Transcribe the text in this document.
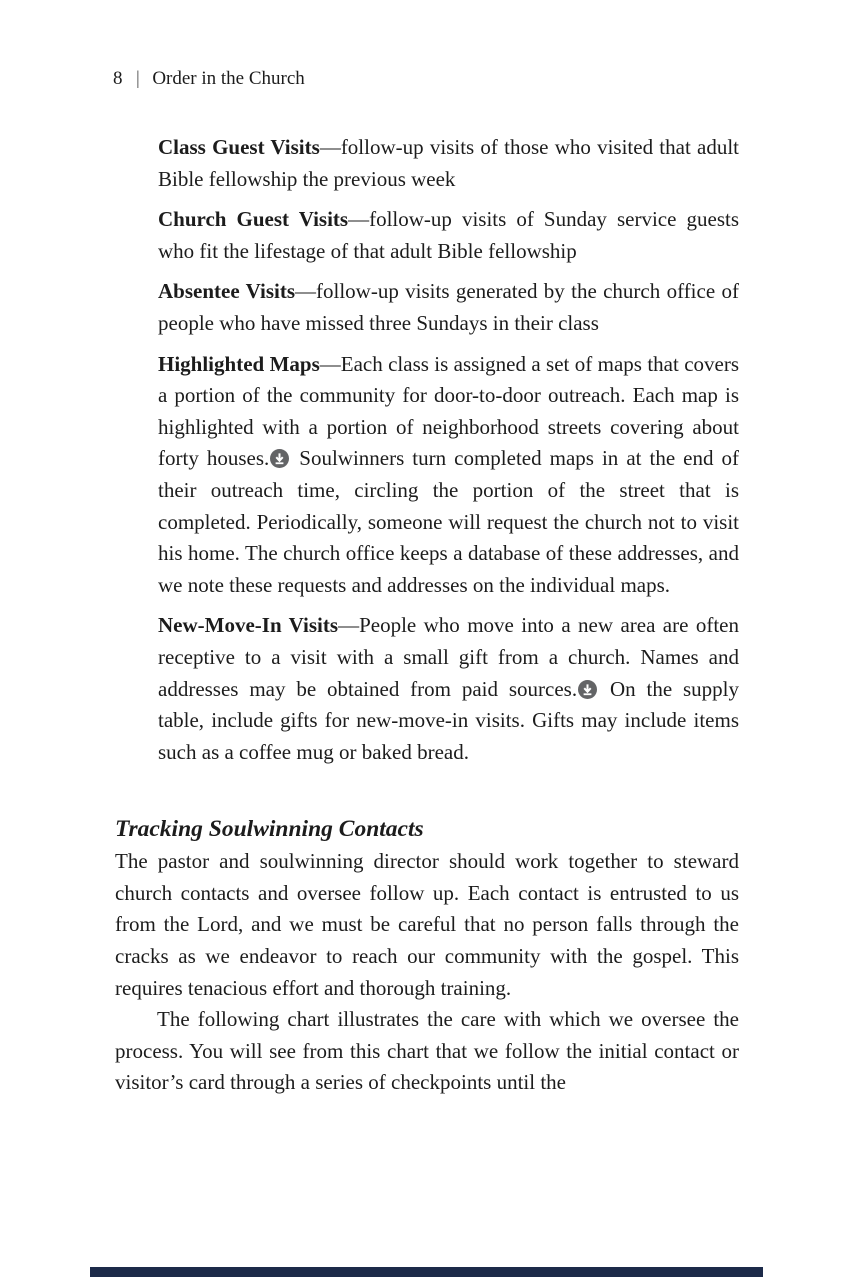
8 | Order in the Church

Class Guest Visits—follow-up visits of those who visited that adult Bible fellowship the previous week

Church Guest Visits—follow-up visits of Sunday service guests who fit the lifestage of that adult Bible fellowship

Absentee Visits—follow-up visits generated by the church office of people who have missed three Sundays in their class

Highlighted Maps—Each class is assigned a set of maps that covers a portion of the community for door-to-door outreach. Each map is highlighted with a portion of neighborhood streets covering about forty houses. Soulwinners turn completed maps in at the end of their outreach time, circling the portion of the street that is completed. Periodically, someone will request the church not to visit his home. The church office keeps a database of these addresses, and we note these requests and addresses on the individual maps.

New-Move-In Visits—People who move into a new area are often receptive to a visit with a small gift from a church. Names and addresses may be obtained from paid sources. On the supply table, include gifts for new-move-in visits. Gifts may include items such as a coffee mug or baked bread.

Tracking Soulwinning Contacts

The pastor and soulwinning director should work together to steward church contacts and oversee follow up. Each contact is entrusted to us from the Lord, and we must be careful that no person falls through the cracks as we endeavor to reach our community with the gospel. This requires tenacious effort and thorough training.

The following chart illustrates the care with which we oversee the process. You will see from this chart that we follow the initial contact or visitor’s card through a series of checkpoints until the
